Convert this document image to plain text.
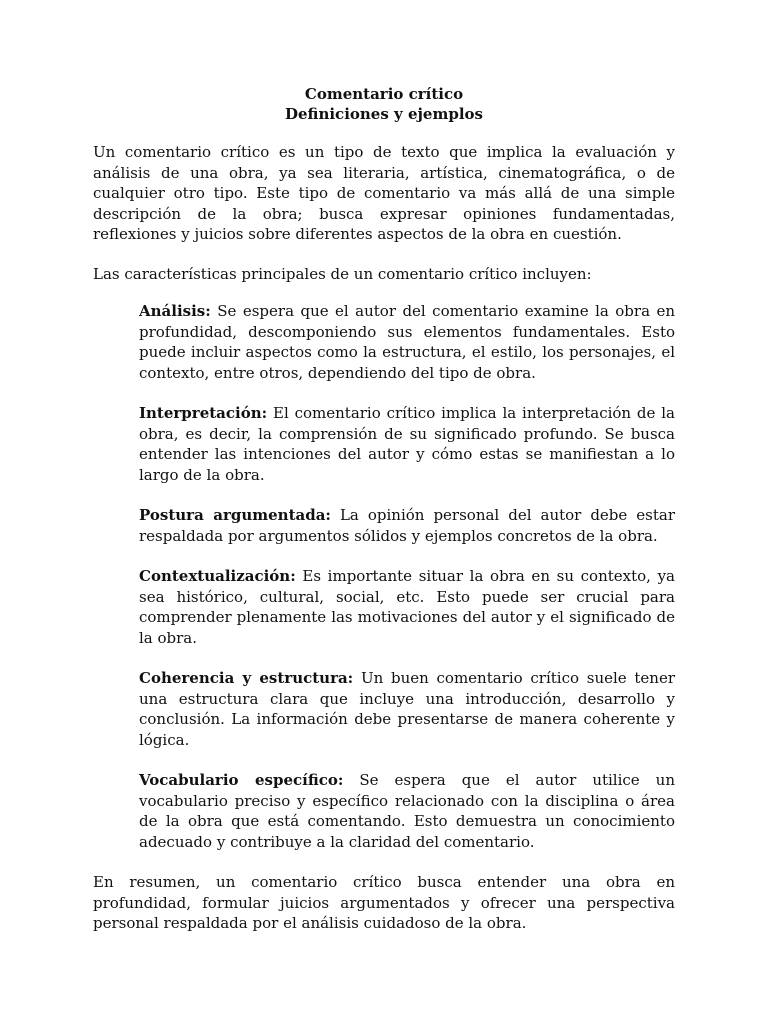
Comentario crítico
Definiciones y ejemplos

Un comentario crítico es un tipo de texto que implica la evaluación y análisis de una obra, ya sea literaria, artística, cinematográfica, o de cualquier otro tipo. Este tipo de comentario va más allá de una simple descripción de la obra; busca expresar opiniones fundamentadas, reflexiones y juicios sobre diferentes aspectos de la obra en cuestión.

Las características principales de un comentario crítico incluyen:

Análisis: Se espera que el autor del comentario examine la obra en profundidad, descomponiendo sus elementos fundamentales. Esto puede incluir aspectos como la estructura, el estilo, los personajes, el contexto, entre otros, dependiendo del tipo de obra.

Interpretación: El comentario crítico implica la interpretación de la obra, es decir, la comprensión de su significado profundo. Se busca entender las intenciones del autor y cómo estas se manifiestan a lo largo de la obra.

Postura argumentada: La opinión personal del autor debe estar respaldada por argumentos sólidos y ejemplos concretos de la obra.

Contextualización: Es importante situar la obra en su contexto, ya sea histórico, cultural, social, etc. Esto puede ser crucial para comprender plenamente las motivaciones del autor y el significado de la obra.

Coherencia y estructura: Un buen comentario crítico suele tener una estructura clara que incluye una introducción, desarrollo y conclusión. La información debe presentarse de manera coherente y lógica.

Vocabulario específico: Se espera que el autor utilice un vocabulario preciso y específico relacionado con la disciplina o área de la obra que está comentando. Esto demuestra un conocimiento adecuado y contribuye a la claridad del comentario.

En resumen, un comentario crítico busca entender una obra en profundidad, formular juicios argumentados y ofrecer una perspectiva personal respaldada por el análisis cuidadoso de la obra.
